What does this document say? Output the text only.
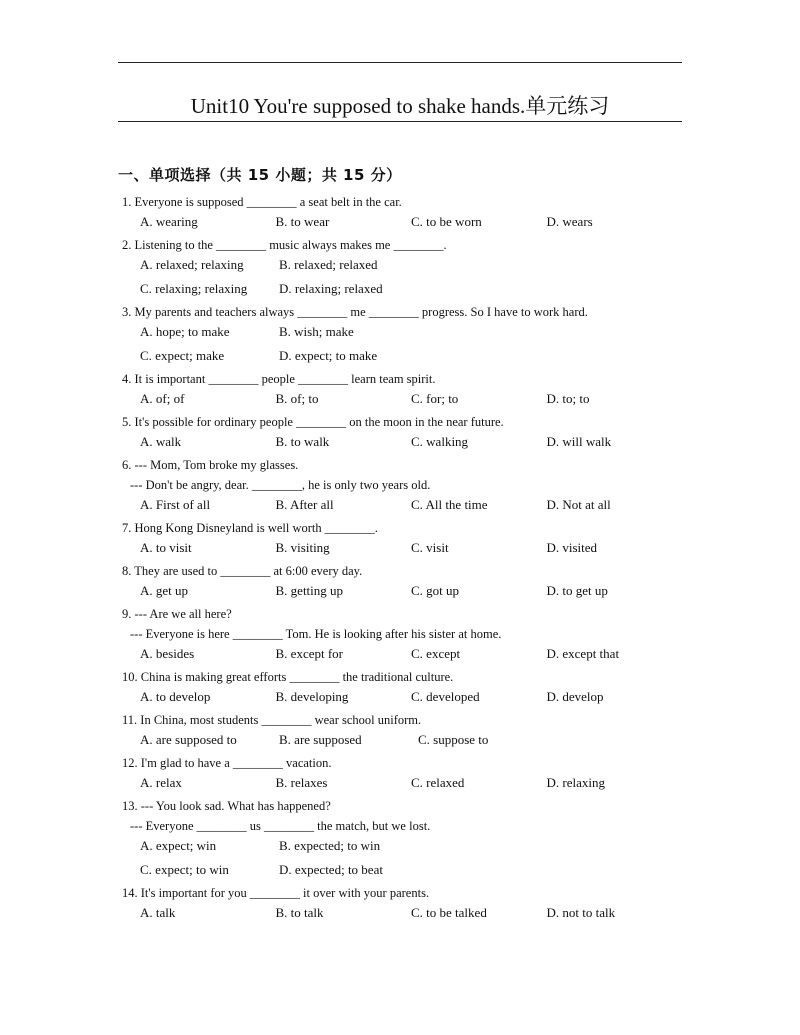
Unit10 You're supposed to shake hands.单元练习
一、单项选择（共 15 小题；共 15 分）
1. Everyone is supposed ________ a seat belt in the car.
A. wearing	B. to wear	C. to be worn	D. wears
2. Listening to the ________ music always makes me ________.
A. relaxed; relaxing	B. relaxed; relaxed
C. relaxing; relaxing	D. relaxing; relaxed
3. My parents and teachers always ________ me ________ progress. So I have to work hard.
A. hope; to make	B. wish; make
C. expect; make	D. expect; to make
4. It is important ________ people ________ learn team spirit.
A. of; of	B. of; to	C. for; to	D. to; to
5. It's possible for ordinary people ________ on the moon in the near future.
A. walk	B. to walk	C. walking	D. will walk
6. --- Mom, Tom broke my glasses.
--- Don't be angry, dear. ________, he is only two years old.
A. First of all	B. After all	C. All the time	D. Not at all
7. Hong Kong Disneyland is well worth ________.
A. to visit	B. visiting	C. visit	D. visited
8. They are used to ________ at 6:00 every day.
A. get up	B. getting up	C. got up	D. to get up
9. --- Are we all here?
--- Everyone is here ________ Tom. He is looking after his sister at home.
A. besides	B. except for	C. except	D. except that
10. China is making great efforts ________ the traditional culture.
A. to develop	B. developing	C. developed	D. develop
11. In China, most students ________ wear school uniform.
A. are supposed to	B. are supposed	C. suppose to
12. I'm glad to have a ________ vacation.
A. relax	B. relaxes	C. relaxed	D. relaxing
13. --- You look sad. What has happened?
--- Everyone ________ us ________ the match, but we lost.
A. expect; win	B. expected; to win
C. expect; to win	D. expected; to beat
14. It's important for you ________ it over with your parents.
A. talk	B. to talk	C. to be talked	D. not to talk
